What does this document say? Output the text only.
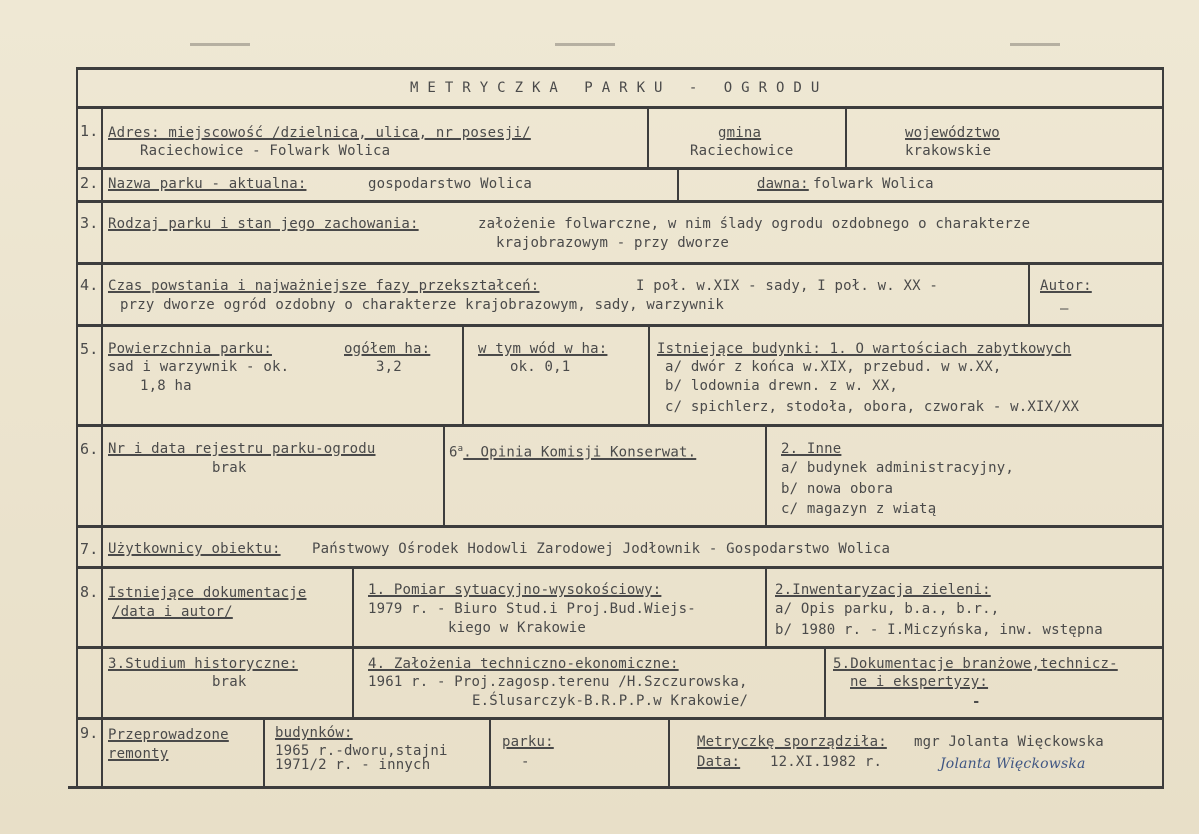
METRYCZKA PARKU - OGRODU
1. Adres: miejscowość /dzielnica, ulica, nr posesji/
Raciechowice - Folwark Wolica
gmina
Raciechowice
województwo
krakowskie
2. Nazwa parku - aktualna:	gospodarstwo Wolica	dawna: folwark Wolica
3. Rodzaj parku i stan jego zachowania:	założenie folwarczne, w nim ślady ogrodu ozdobnego o charakterze
krajobrazowym - przy dworze
4. Czas powstania i najważniejsze fazy przekształceń:	I poł. w.XIX - sady, I poł. w. XX -
przy dworze ogród ozdobny o charakterze krajobrazowym, sady, warzywnik
Autor:
—
5. Powierzchnia parku:
sad i warzywnik - ok.
1,8 ha
ogółem ha:
3,2
w tym wód w ha:
ok. 0,1
Istniejące budynki: 1. O wartościach zabytkowych
a/ dwór z końca w.XIX, przebud. w w.XX,
b/ lodownia drewn. z w. XX,
c/ spichlerz, stodoła, obora, czworak - w.XIX/XX
6. Nr i data rejestru parku-ogrodu
brak
6$^a$. Opinia Komisji Konserwat.	2. Inne
a/ budynek administracyjny,
b/ nowa obora
c/ magazyn z wiatą
7. Użytkownicy obiektu: Państwowy Ośrodek Hodowli Zarodowej Jodłownik - Gospodarstwo Wolica
8. Istniejące dokumentacje
/data i autor/
1. Pomiar sytuacyjno-wysokościowy:
1979 r. - Biuro Stud.i Proj.Bud.Wiejs-
kiego w Krakowie
2.Inwentaryzacja zieleni:
a/ Opis parku, b.a., b.r.,
b/ 1980 r. - I.Miczyńska, inw. wstępna
3.Studium historyczne:
brak
4. Założenia techniczno-ekonomiczne:
1961 r. - Proj.zagosp.terenu /H.Szczurowska,
E.Ślusarczyk-B.R.P.P.w Krakowie/
5.Dokumentacje branżowe,technicz-
ne i ekspertyzy:
-
9. Przeprowadzone
remonty
budynków:
1965 r.-dworu,stajni
1971/2 r. - innych
parku:
-
Metryczkę sporządziła: mgr Jolanta Więckowska
Data: 12.XI.1982 r.	Jolanta Więckowska
